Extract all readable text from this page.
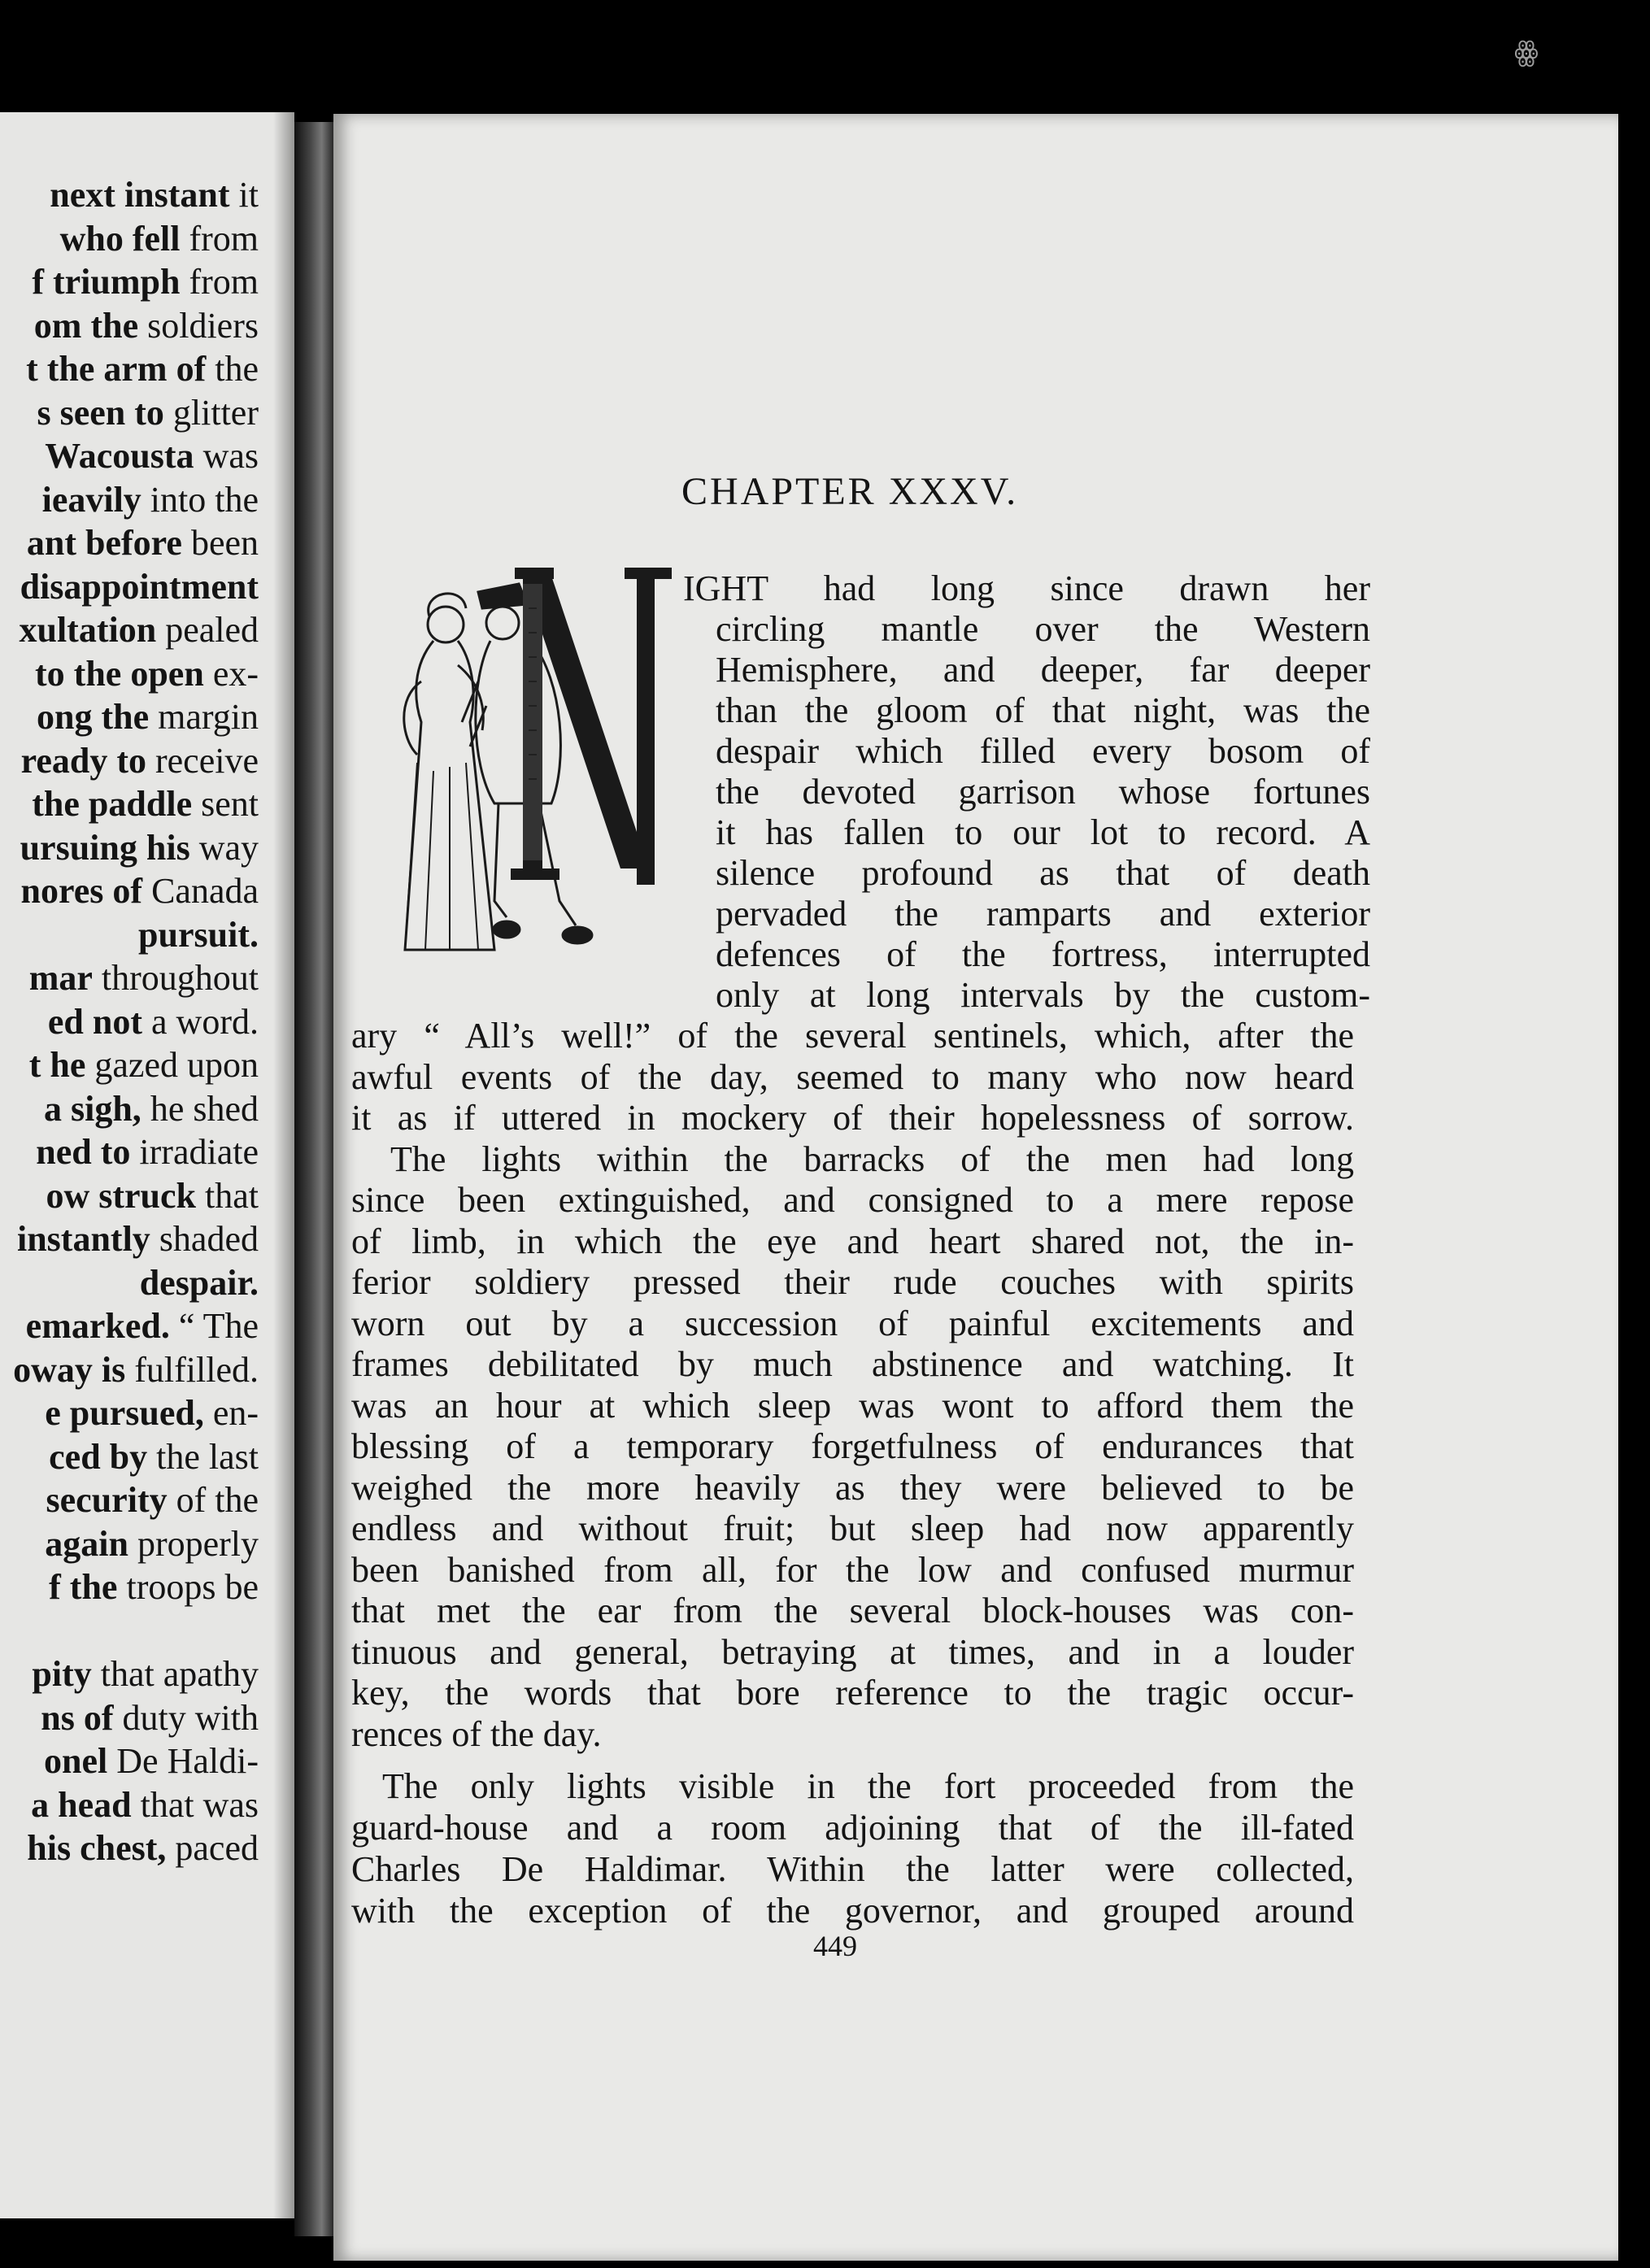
ꙮ
next instant it
who fell from
f triumph from
om the soldiers
t the arm of the
s seen to glitter
Wacousta was
ieavily into the
ant before been
disappointment
xultation pealed
to the open ex-
ong the margin
ready to receive
the paddle sent
ursuing his way
nores of Canada
pursuit.
mar throughout
ed not a word.
t he gazed upon
a sigh, he shed
ned to irradiate
ow struck that
instantly shaded
despair.
emarked. “ The
oway is fulfilled.
e pursued, en-
ced by the last
security of the
again properly
f the troops be
pity that apathy
ns of duty with
onel De Haldi-
a head that was
his chest, paced
CHAPTER XXXV.
IGHT had long since drawn her
circling mantle over the Western
Hemisphere, and deeper, far deeper
than the gloom of that night, was the
despair which filled every bosom of
the devoted garrison whose fortunes
it has fallen to our lot to record. A
silence profound as that of death
pervaded the ramparts and exterior
defences of the fortress, interrupted
only at long intervals by the custom-
ary “ All’s well!” of the several sentinels, which, after the
awful events of the day, seemed to many who now heard
it as if uttered in mockery of their hopelessness of sorrow.
The lights within the barracks of the men had long
since been extinguished, and consigned to a mere repose
of limb, in which the eye and heart shared not, the in-
ferior soldiery pressed their rude couches with spirits
worn out by a succession of painful excitements and
frames debilitated by much abstinence and watching. It
was an hour at which sleep was wont to afford them the
blessing of a temporary forgetfulness of endurances that
weighed the more heavily as they were believed to be
endless and without fruit; but sleep had now apparently
been banished from all, for the low and confused murmur
that met the ear from the several block-houses was con-
tinuous and general, betraying at times, and in a louder
key, the words that bore reference to the tragic occur-
rences of the day.
The only lights visible in the fort proceeded from the
guard-house and a room adjoining that of the ill-fated
Charles De Haldimar. Within the latter were collected,
with the exception of the governor, and grouped around
449
